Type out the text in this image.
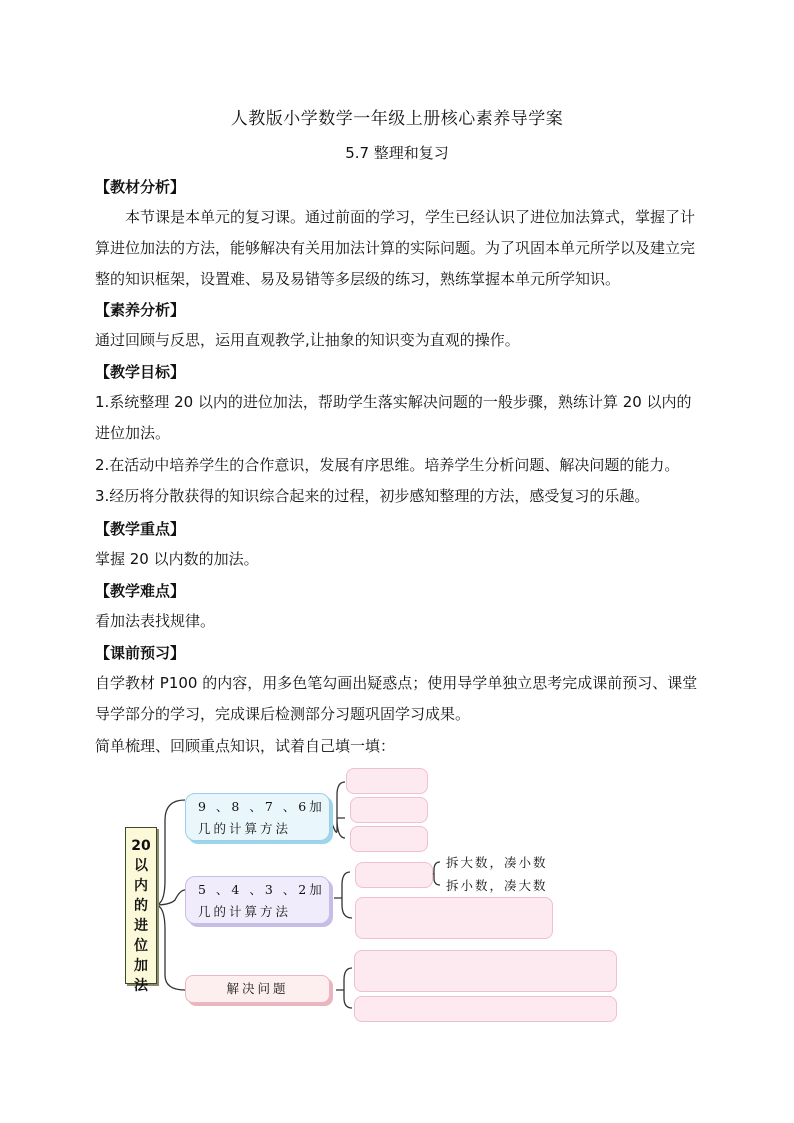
人教版小学数学一年级上册核心素养导学案
5.7 整理和复习
【教材分析】
本节课是本单元的复习课。通过前面的学习，学生已经认识了进位加法算式，掌握了计算进位加法的方法，能够解决有关用加法计算的实际问题。为了巩固本单元所学以及建立完整的知识框架，设置难、易及易错等多层级的练习，熟练掌握本单元所学知识。
【素养分析】
通过回顾与反思，运用直观教学,让抽象的知识变为直观的操作。
【教学目标】
1.系统整理 20 以内的进位加法，帮助学生落实解决问题的一般步骤，熟练计算 20 以内的进位加法。
2.在活动中培养学生的合作意识，发展有序思维。培养学生分析问题、解决问题的能力。
3.经历将分散获得的知识综合起来的过程，初步感知整理的方法，感受复习的乐趣。
【教学重点】
掌握 20 以内数的加法。
【教学难点】
看加法表找规律。
【课前预习】
自学教材 P100 的内容，用多色笔勾画出疑惑点；使用导学单独立思考完成课前预习、课堂导学部分的学习，完成课后检测部分习题巩固学习成果。
简单梳理、回顾重点知识，试着自己填一填：
20
以
内
的
进
位
加
法
9 、8 、7 、6加
几的计算方法
5 、4 、3 、2加
几的计算方法
解决问题
拆大数，凑小数
拆小数，凑大数
